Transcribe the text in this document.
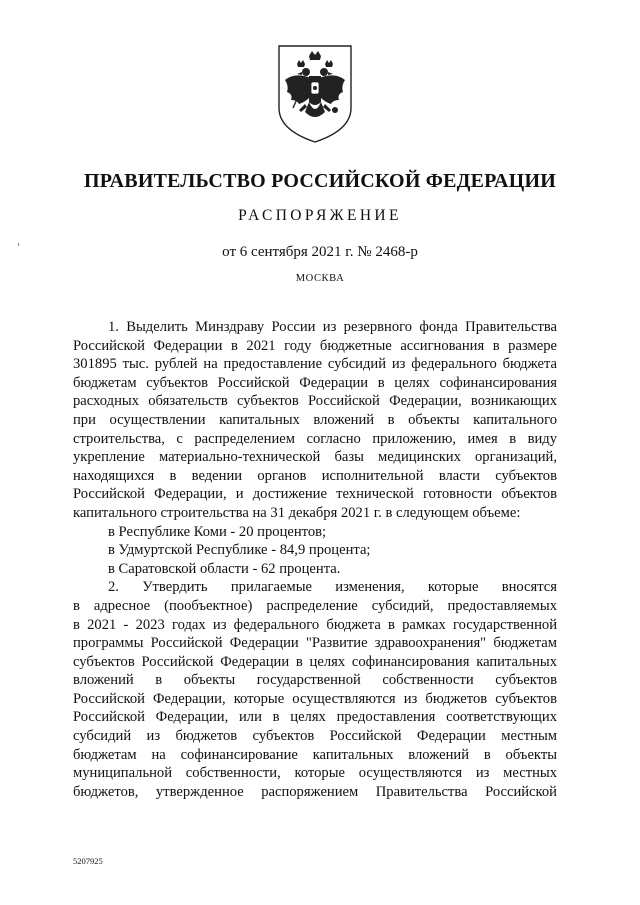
ПРАВИТЕЛЬСТВО РОССИЙСКОЙ ФЕДЕРАЦИИ
РАСПОРЯЖЕНИЕ
от 6 сентября 2021 г. № 2468-р
МОСКВА
1. Выделить Минздраву России из резервного фонда Правительства
Российской Федерации в 2021 году бюджетные ассигнования в размере
301895 тыс. рублей на предоставление субсидий из федерального бюджета
бюджетам субъектов Российской Федерации в целях софинансирования
расходных обязательств субъектов Российской Федерации, возникающих
при осуществлении капитальных вложений в объекты капитального
строительства, с распределением согласно приложению, имея в виду
укрепление материально-технической базы медицинских организаций,
находящихся в ведении органов исполнительной власти субъектов
Российской Федерации, и достижение технической готовности объектов
капитального строительства на 31 декабря 2021 г. в следующем объеме:
в Республике Коми - 20 процентов;
в Удмуртской Республике - 84,9 процента;
в Саратовской области - 62 процента.
2. Утвердить прилагаемые изменения, которые вносятся
в адресное (пообъектное) распределение субсидий, предоставляемых
в 2021 - 2023 годах из федерального бюджета в рамках государственной
программы Российской Федерации "Развитие здравоохранения" бюджетам
субъектов Российской Федерации в целях софинансирования капитальных
вложений в объекты государственной собственности субъектов
Российской Федерации, которые осуществляются из бюджетов субъектов
Российской Федерации, или в целях предоставления соответствующих
субсидий из бюджетов субъектов Российской Федерации местным
бюджетам на софинансирование капитальных вложений в объекты
муниципальной собственности, которые осуществляются из местных
бюджетов, утвержденное распоряжением Правительства Российской
5207925
